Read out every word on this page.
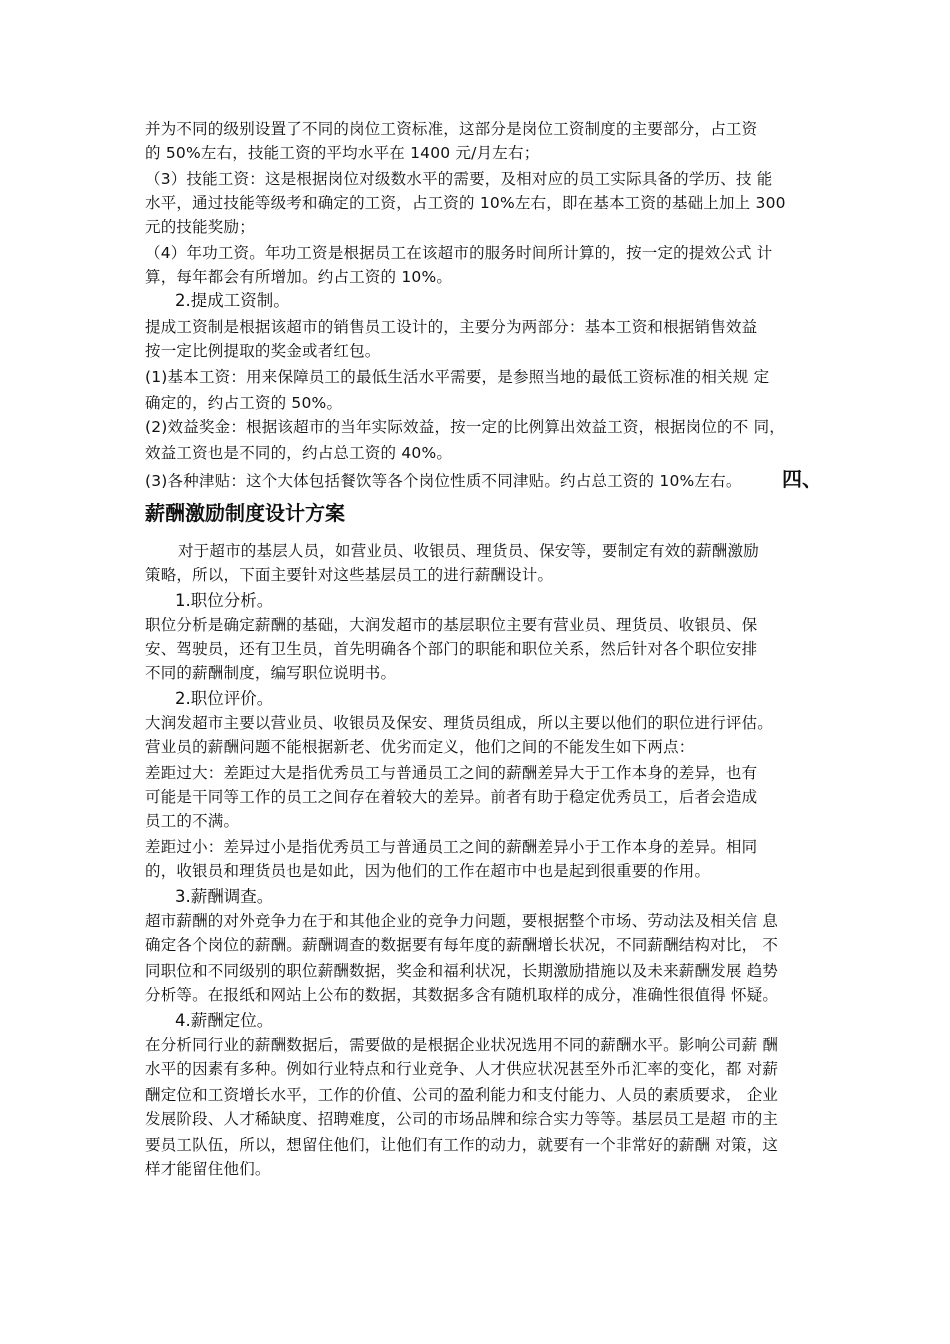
并为不同的级别设置了不同的岗位工资标准，这部分是岗位工资制度的主要部分，占工资
的 50%左右，技能工资的平均水平在 1400 元/月左右；
（3）技能工资：这是根据岗位对级数水平的需要，及相对应的员工实际具备的学历、技 能
水平，通过技能等级考和确定的工资，占工资的 10%左右，即在基本工资的基础上加上 300
元的技能奖励；
（4）年功工资。年功工资是根据员工在该超市的服务时间所计算的，按一定的提效公式 计
算，每年都会有所增加。约占工资的 10%。
2.提成工资制。
提成工资制是根据该超市的销售员工设计的，主要分为两部分：基本工资和根据销售效益
按一定比例提取的奖金或者红包。
(1)基本工资：用来保障员工的最低生活水平需要，是参照当地的最低工资标准的相关规 定
确定的，约占工资的 50%。
(2)效益奖金：根据该超市的当年实际效益，按一定的比例算出效益工资，根据岗位的不 同，
效益工资也是不同的，约占总工资的 40%。
(3)各种津贴：这个大体包括餐饮等各个岗位性质不同津贴。约占总工资的 10%左右。 四、
薪酬激励制度设计方案
对于超市的基层人员，如营业员、收银员、理货员、保安等，要制定有效的薪酬激励
策略，所以，下面主要针对这些基层员工的进行薪酬设计。
1.职位分析。
职位分析是确定薪酬的基础，大润发超市的基层职位主要有营业员、理货员、收银员、保
安、驾驶员，还有卫生员，首先明确各个部门的职能和职位关系，然后针对各个职位安排
不同的薪酬制度，编写职位说明书。
2.职位评价。
大润发超市主要以营业员、收银员及保安、理货员组成，所以主要以他们的职位进行评估。
营业员的薪酬问题不能根据新老、优劣而定义，他们之间的不能发生如下两点：
差距过大：差距过大是指优秀员工与普通员工之间的薪酬差异大于工作本身的差异，也有
可能是干同等工作的员工之间存在着较大的差异。前者有助于稳定优秀员工，后者会造成
员工的不满。
差距过小：差异过小是指优秀员工与普通员工之间的薪酬差异小于工作本身的差异。相同
的，收银员和理货员也是如此，因为他们的工作在超市中也是起到很重要的作用。
3.薪酬调查。
超市薪酬的对外竞争力在于和其他企业的竞争力问题，要根据整个市场、劳动法及相关信 息
确定各个岗位的薪酬。薪酬调查的数据要有每年度的薪酬增长状况，不同薪酬结构对比， 不
同职位和不同级别的职位薪酬数据，奖金和福利状况，长期激励措施以及未来薪酬发展 趋势
分析等。在报纸和网站上公布的数据，其数据多含有随机取样的成分，准确性很值得 怀疑。
4.薪酬定位。
在分析同行业的薪酬数据后，需要做的是根据企业状况选用不同的薪酬水平。影响公司薪 酬
水平的因素有多种。例如行业特点和行业竞争、人才供应状况甚至外币汇率的变化，都 对薪
酬定位和工资增长水平，工作的价值、公司的盈利能力和支付能力、人员的素质要求， 企业
发展阶段、人才稀缺度、招聘难度，公司的市场品牌和综合实力等等。基层员工是超 市的主
要员工队伍，所以，想留住他们，让他们有工作的动力，就要有一个非常好的薪酬 对策，这
样才能留住他们。
